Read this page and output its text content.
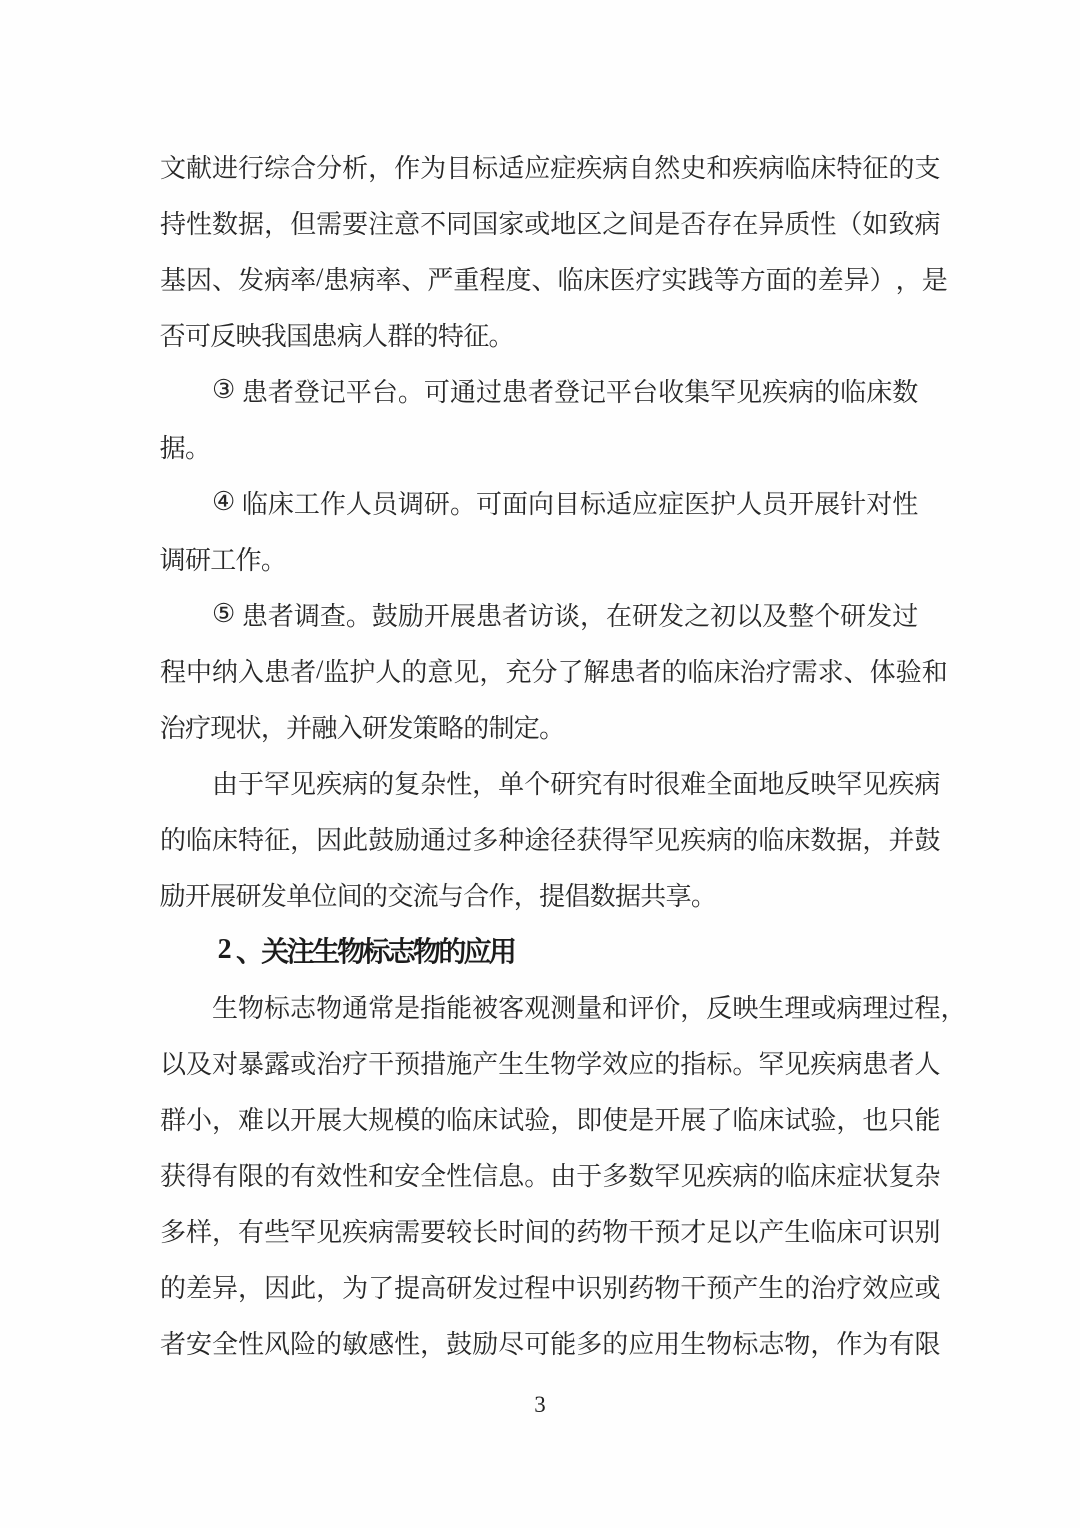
文 献 进 行 综 合 分 析 ， 作 为 目 标 适 应 症 疾 病 自 然 史 和 疾 病 临 床 特 征 的 支
持 性 数 据 ， 但 需 要 注 意 不 同 国 家 或 地 区 之 间 是 否 存 在 异 质 性 （ 如 致 病
基 因 、 发 病 率 / 患 病 率 、 严 重 程 度 、 临 床 医 疗 实 践 等 方 面 的 差 异 ） ， 是
否 可 反 映 我 国 患 病 人 群 的 特 征 。
③
患 者 登 记 平 台 。 可 通 过 患 者 登 记 平 台 收 集 罕 见 疾 病 的 临 床 数
据 。
④
临 床 工 作 人 员 调 研 。 可 面 向 目 标 适 应 症 医 护 人 员 开 展 针 对 性
调 研 工 作 。
⑤
患 者 调 查 。 鼓 励 开 展 患 者 访 谈 ， 在 研 发 之 初 以 及 整 个 研 发 过
程 中 纳 入 患 者 / 监 护 人 的 意 见 ， 充 分 了 解 患 者 的 临 床 治 疗 需 求 、 体 验 和
治 疗 现 状 ， 并 融 入 研 发 策 略 的 制 定 。
由 于 罕 见 疾 病 的 复 杂 性 ， 单 个 研 究 有 时 很 难 全 面 地 反 映 罕 见 疾 病
的 临 床 特 征 ， 因 此 鼓 励 通 过 多 种 途 径 获 得 罕 见 疾 病 的 临 床 数 据 ， 并 鼓
励 开 展 研 发 单 位 间 的 交 流 与 合 作 ， 提 倡 数 据 共 享 。
2 、
关
注
生
物
标
志
物
的
应
用
生 物 标 志 物 通 常 是 指 能 被 客 观 测 量 和 评 价 ， 反 映 生 理 或 病 理 过 程 ，
以 及 对 暴 露 或 治 疗 干 预 措 施 产 生 生 物 学 效 应 的 指 标 。 罕 见 疾 病 患 者 人
群 小 ， 难 以 开 展 大 规 模 的 临 床 试 验 ， 即 使 是 开 展 了 临 床 试 验 ， 也 只 能
获 得 有 限 的 有 效 性 和 安 全 性 信 息 。 由 于 多 数 罕 见 疾 病 的 临 床 症 状 复 杂
多 样 ， 有 些 罕 见 疾 病 需 要 较 长 时 间 的 药 物 干 预 才 足 以 产 生 临 床 可 识 别
的 差 异 ， 因 此 ， 为 了 提 高 研 发 过 程 中 识 别 药 物 干 预 产 生 的 治 疗 效 应 或
者 安 全 性 风 险 的 敏 感 性 ， 鼓 励 尽 可 能 多 的 应 用 生 物 标 志 物 ， 作 为 有 限
3
